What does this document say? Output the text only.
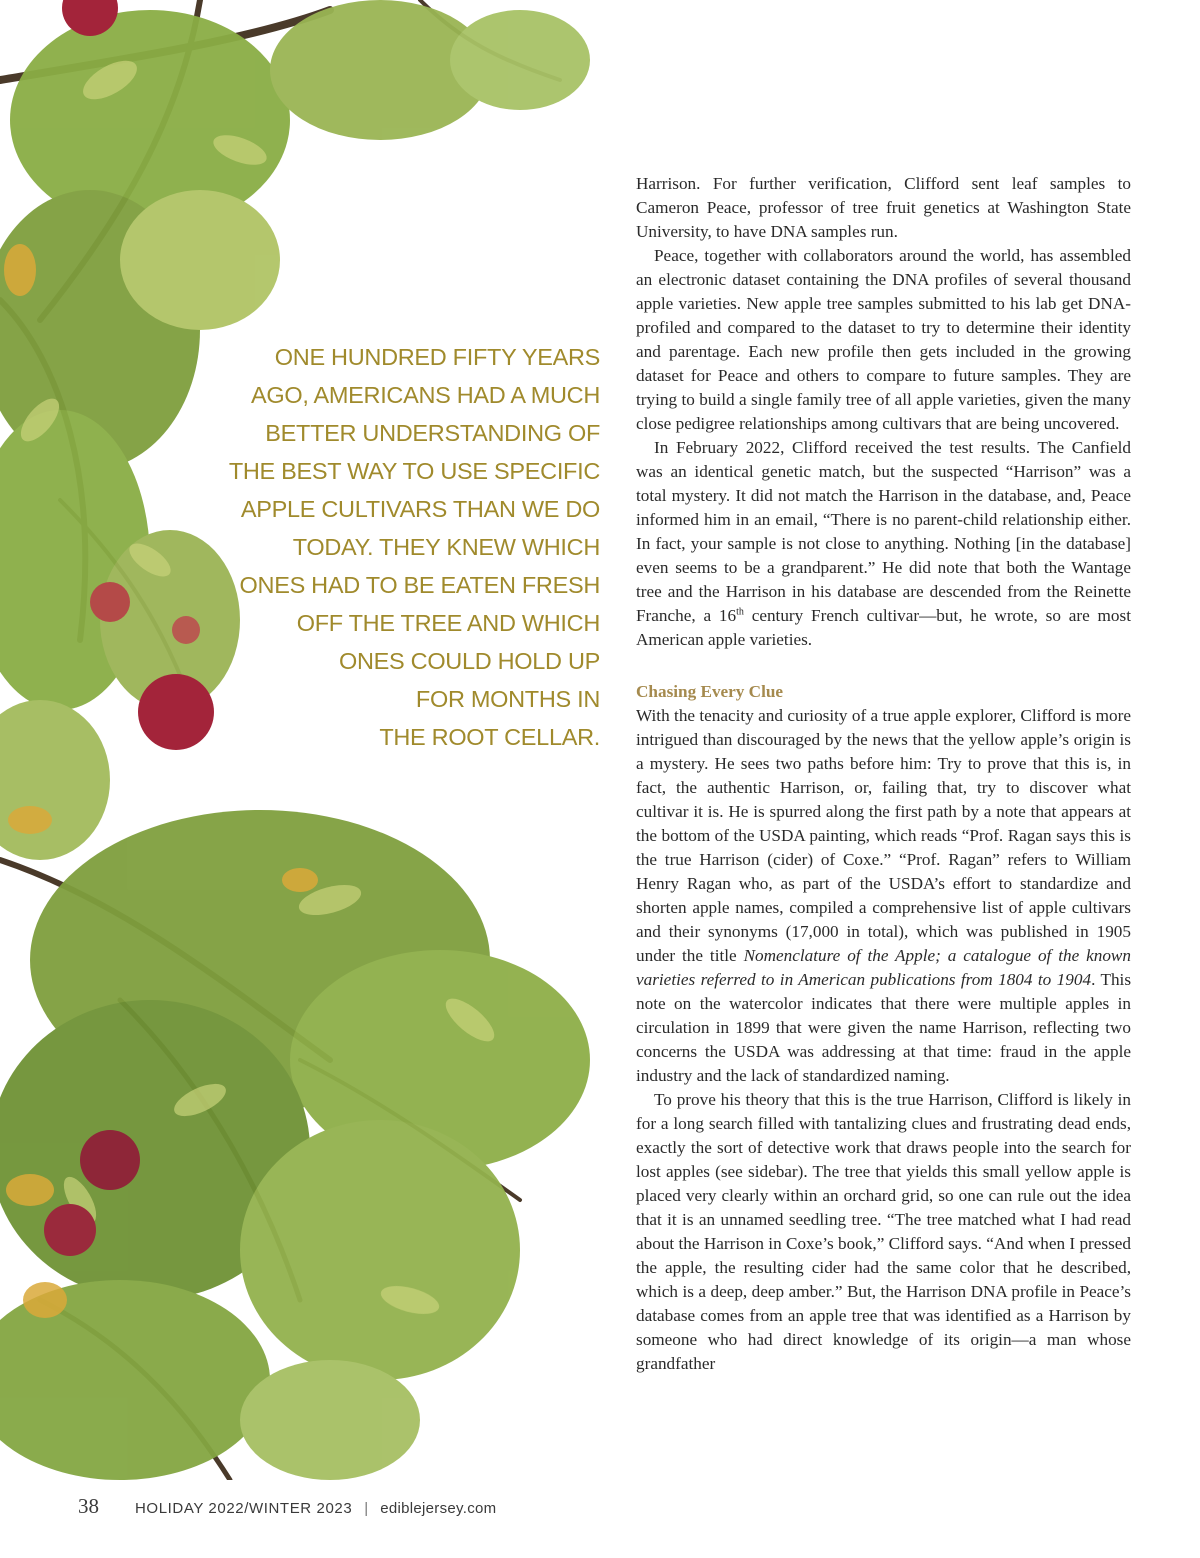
ONE HUNDRED FIFTY YEARS
AGO, AMERICANS HAD A MUCH
BETTER UNDERSTANDING OF
THE BEST WAY TO USE SPECIFIC
APPLE CULTIVARS THAN WE DO
TODAY. THEY KNEW WHICH
ONES HAD TO BE EATEN FRESH
OFF THE TREE AND WHICH
ONES COULD HOLD UP
FOR MONTHS IN
THE ROOT CELLAR.

Harrison. For further verification, Clifford sent leaf samples to Cameron Peace, professor of tree fruit genetics at Washington State University, to have DNA samples run.

Peace, together with collaborators around the world, has assembled an electronic dataset containing the DNA profiles of several thousand apple varieties. New apple tree samples submitted to his lab get DNA-profiled and compared to the dataset to try to determine their identity and parentage. Each new profile then gets included in the growing dataset for Peace and others to compare to future samples. They are trying to build a single family tree of all apple varieties, given the many close pedigree relationships among cultivars that are being uncovered.

In February 2022, Clifford received the test results. The Canfield was an identical genetic match, but the suspected “Harrison” was a total mystery. It did not match the Harrison in the database, and, Peace informed him in an email, “There is no parent-child relationship either. In fact, your sample is not close to anything. Nothing [in the database] even seems to be a grandparent.” He did note that both the Wantage tree and the Harrison in his database are descended from the Reinette Franche, a 16th century French cultivar—but, he wrote, so are most American apple varieties.

Chasing Every Clue

With the tenacity and curiosity of a true apple explorer, Clifford is more intrigued than discouraged by the news that the yellow apple’s origin is a mystery. He sees two paths before him: Try to prove that this is, in fact, the authentic Harrison, or, failing that, try to discover what cultivar it is. He is spurred along the first path by a note that appears at the bottom of the USDA painting, which reads “Prof. Ragan says this is the true Harrison (cider) of Coxe.” “Prof. Ragan” refers to William Henry Ragan who, as part of the USDA’s effort to standardize and shorten apple names, compiled a comprehensive list of apple cultivars and their synonyms (17,000 in total), which was published in 1905 under the title Nomenclature of the Apple; a catalogue of the known varieties referred to in American publications from 1804 to 1904. This note on the watercolor indicates that there were multiple apples in circulation in 1899 that were given the name Harrison, reflecting two concerns the USDA was addressing at that time: fraud in the apple industry and the lack of standardized naming.

To prove his theory that this is the true Harrison, Clifford is likely in for a long search filled with tantalizing clues and frustrating dead ends, exactly the sort of detective work that draws people into the search for lost apples (see sidebar). The tree that yields this small yellow apple is placed very clearly within an orchard grid, so one can rule out the idea that it is an unnamed seedling tree. “The tree matched what I had read about the Harrison in Coxe’s book,” Clifford says. “And when I pressed the apple, the resulting cider had the same color that he described, which is a deep, deep amber.” But, the Harrison DNA profile in Peace’s database comes from an apple tree that was identified as a Harrison by someone who had direct knowledge of its origin—a man whose grandfather

38 HOLIDAY 2022/WINTER 2023 | ediblejersey.com
